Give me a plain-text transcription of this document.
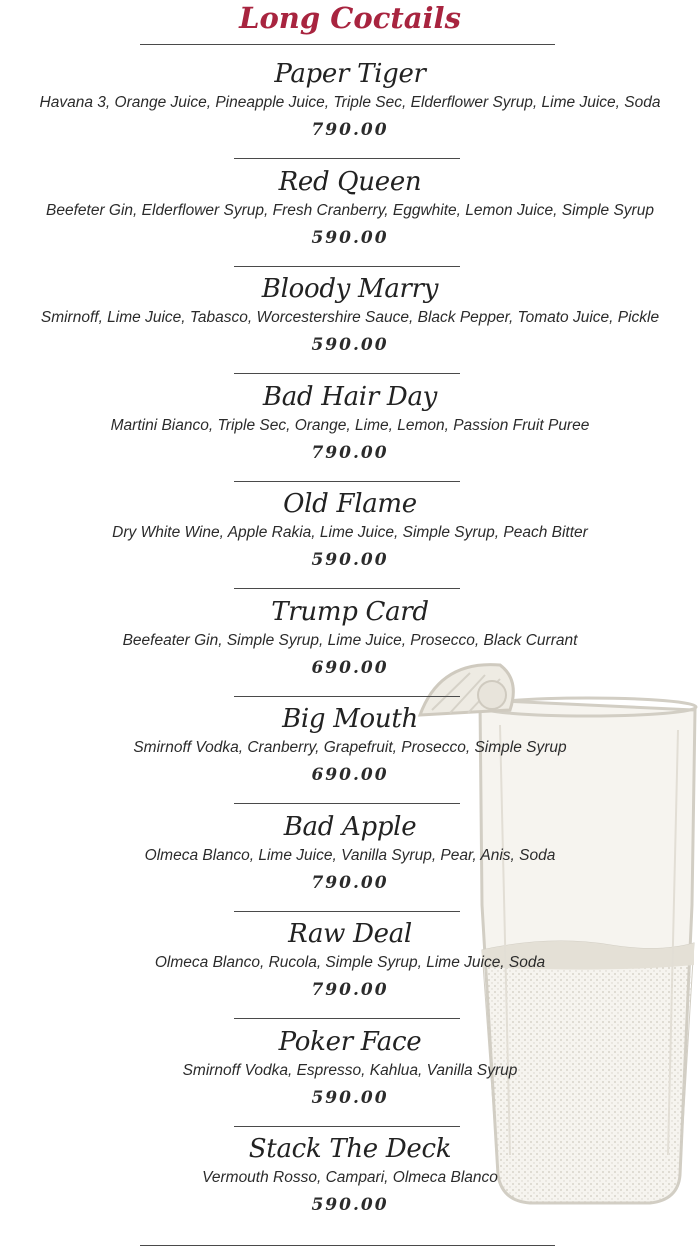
Long Coctails
Paper Tiger
Havana 3, Orange Juice, Pineapple Juice, Triple Sec, Elderflower Syrup, Lime Juice, Soda
790.00
Red Queen
Beefeter Gin, Elderflower Syrup, Fresh Cranberry, Eggwhite, Lemon Juice, Simple Syrup
590.00
Bloody Marry
Smirnoff, Lime Juice, Tabasco, Worcestershire Sauce, Black Pepper, Tomato Juice, Pickle
590.00
Bad Hair Day
Martini Bianco, Triple Sec, Orange, Lime, Lemon, Passion Fruit Puree
790.00
Old Flame
Dry White Wine, Apple Rakia, Lime Juice, Simple Syrup, Peach Bitter
590.00
Trump Card
Beefeater Gin, Simple Syrup, Lime Juice, Prosecco, Black Currant
690.00
Big Mouth
Smirnoff Vodka, Cranberry, Grapefruit, Prosecco, Simple Syrup
690.00
Bad Apple
Olmeca Blanco, Lime Juice, Vanilla Syrup, Pear, Anis, Soda
790.00
Raw Deal
Olmeca Blanco, Rucola, Simple Syrup, Lime Juice, Soda
790.00
Poker Face
Smirnoff Vodka, Espresso, Kahlua, Vanilla Syrup
590.00
Stack The Deck
Vermouth Rosso, Campari, Olmeca Blanco
590.00
